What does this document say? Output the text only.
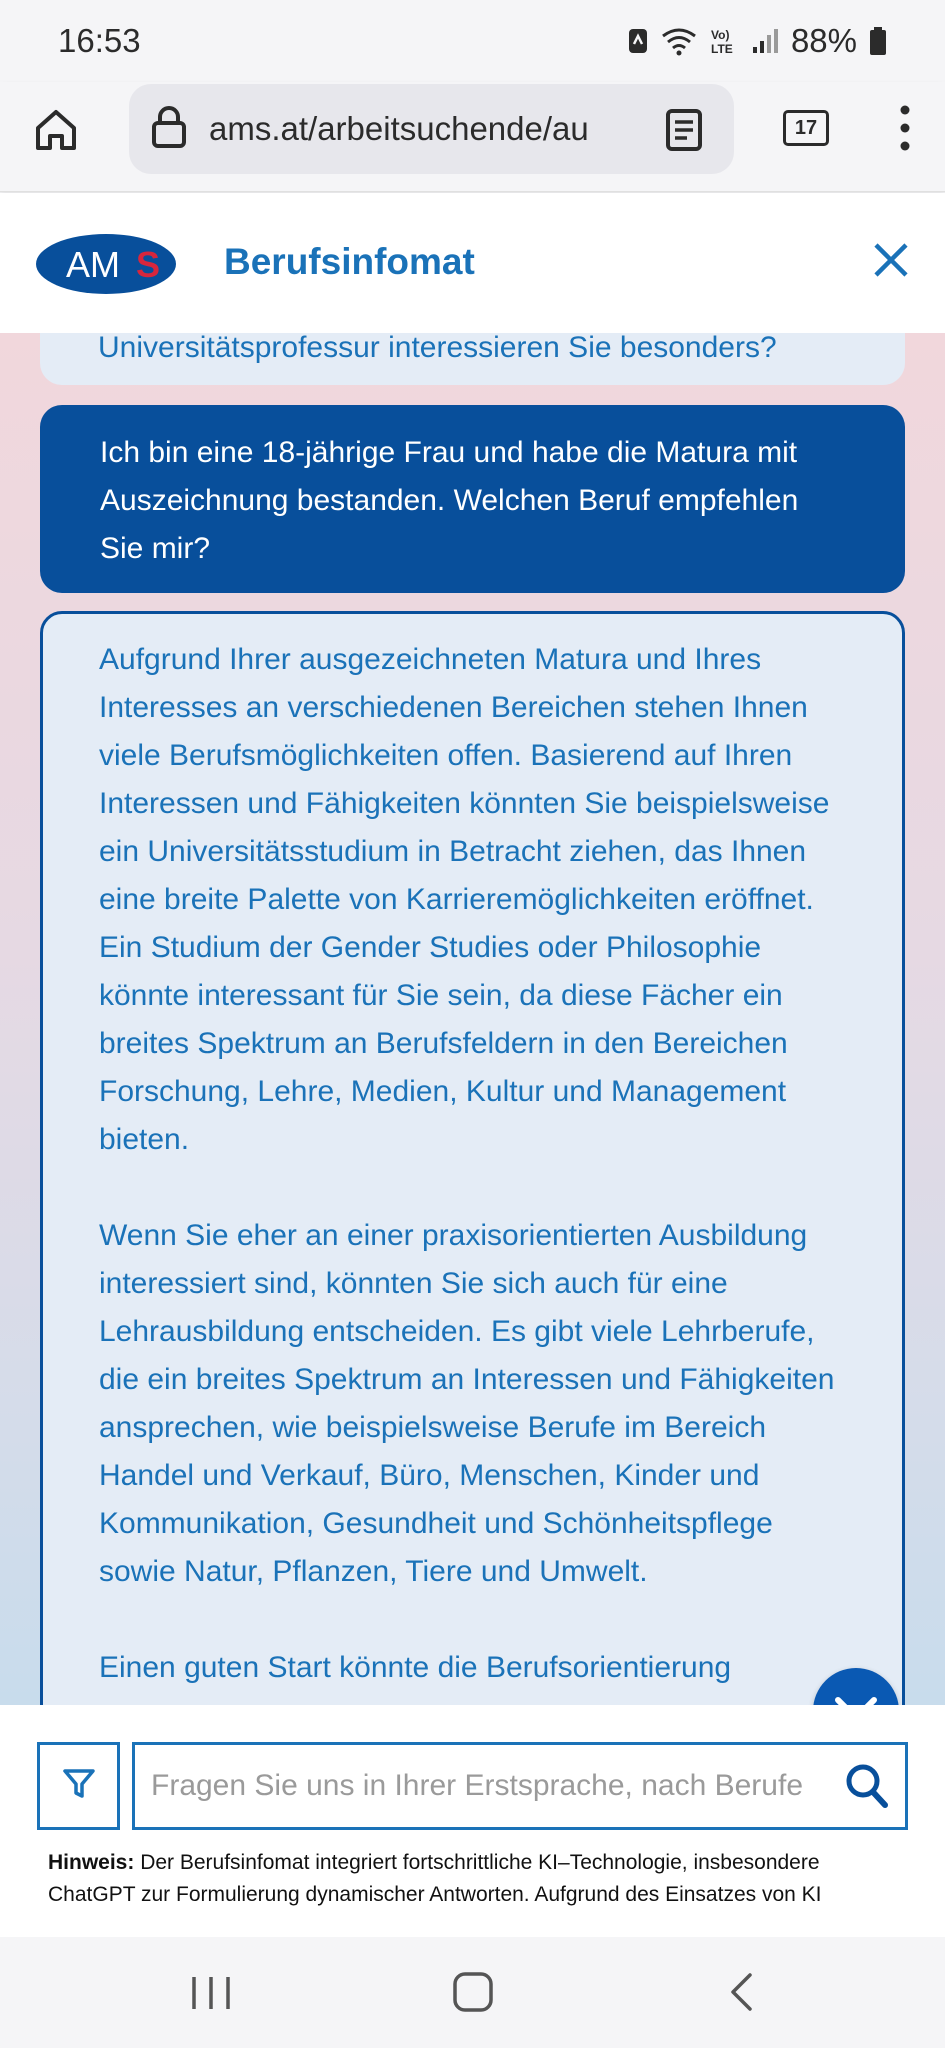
16:53	Vo)
LTE 88%
ams.at/arbeitsuchende/au	17
AM S Berufsinfomat
Universitätsprofessur interessieren Sie besonders?
Ich bin eine 18-jährige Frau und habe die Matura mit Auszeichnung bestanden. Welchen Beruf empfehlen Sie mir?

Aufgrund Ihrer ausgezeichneten Matura und Ihres Interesses an verschiedenen Bereichen stehen Ihnen viele Berufsmöglichkeiten offen. Basierend auf Ihren Interessen und Fähigkeiten könnten Sie beispielsweise ein Universitätsstudium in Betracht ziehen, das Ihnen eine breite Palette von Karrieremöglichkeiten eröffnet. Ein Studium der Gender Studies oder Philosophie könnte interessant für Sie sein, da diese Fächer ein breites Spektrum an Berufsfeldern in den Bereichen Forschung, Lehre, Medien, Kultur und Management bieten.

Wenn Sie eher an einer praxisorientierten Ausbildung interessiert sind, könnten Sie sich auch für eine Lehrausbildung entscheiden. Es gibt viele Lehrberufe, die ein breites Spektrum an Interessen und Fähigkeiten ansprechen, wie beispielsweise Berufe im Bereich Handel und Verkauf, Büro, Menschen, Kinder und Kommunikation, Gesundheit und Schönheitspflege sowie Natur, Pflanzen, Tiere und Umwelt.

Einen guten Start könnte die Berufsorientierung

Fragen Sie uns in Ihrer Erstsprache, nach Berufe
Hinweis: Der Berufsinfomat integriert fortschrittliche KI–Technologie, insbesondere ChatGPT zur Formulierung dynamischer Antworten. Aufgrund des Einsatzes von KI
